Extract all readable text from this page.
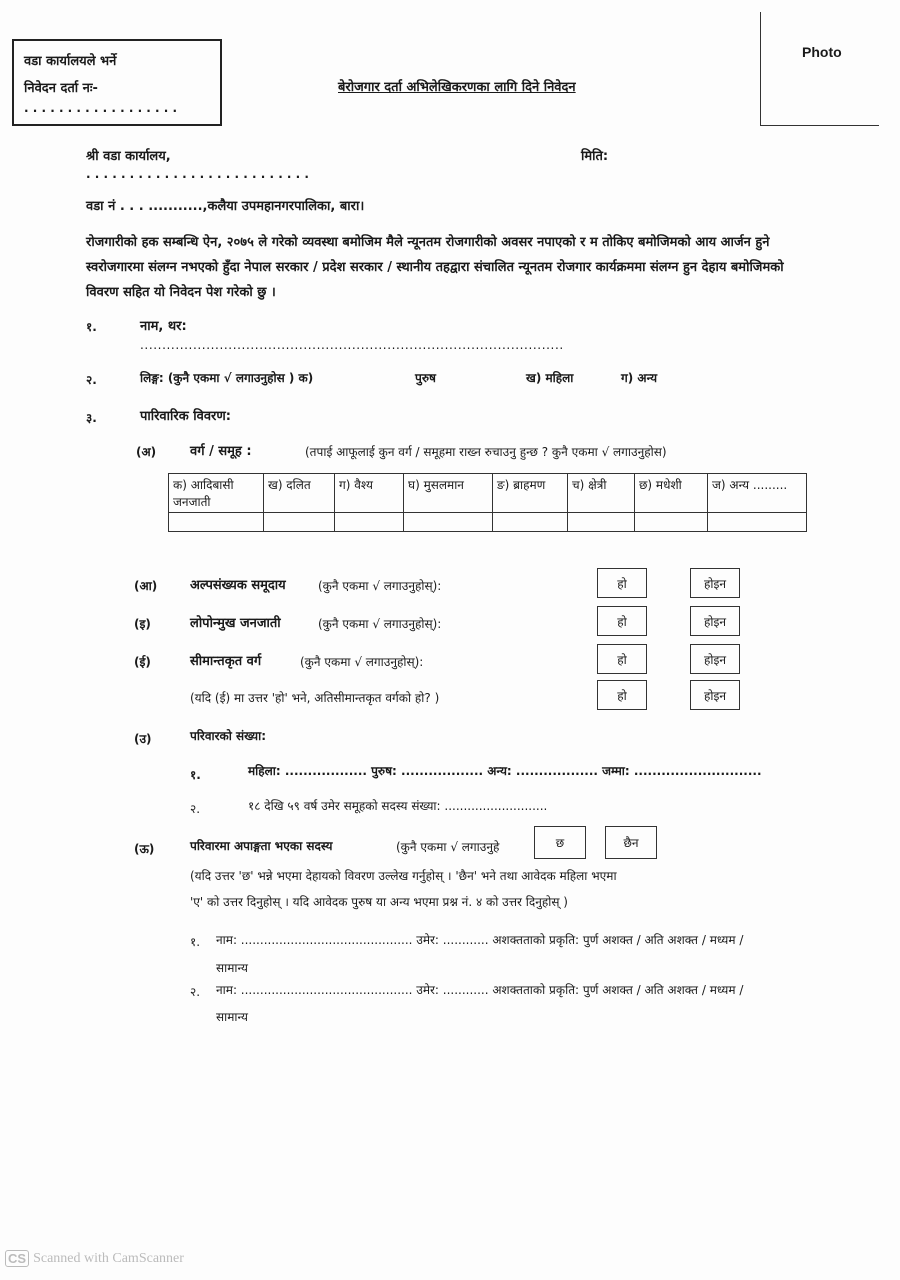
वडा कार्यालयले भर्ने
निवेदन दर्ता नः-
. . . . . . . . . . . . . . . . . .
बेरोजगार दर्ता अभिलेखिकरणका लागि दिने निवेदन
Photo
श्री वडा कार्यालय,	मिति:
. . . . . . . . . . . . . . . . . . . . . . . . . .
वडा नं . . . ...........,कलैया उपमहानगरपालिका, बारा।
रोजगारीको हक सम्बन्धि ऐन, २०७५ ले गरेको व्यवस्था बमोजिम मैले न्यूनतम रोजगारीको अवसर नपाएको र म तोकिए बमोजिमको आय आर्जन हुने स्वरोजगारमा संलग्न नभएको हुँदा नेपाल सरकार / प्रदेश सरकार / स्थानीय तहद्वारा संचालित न्यूनतम रोजगार कार्यक्रममा संलग्न हुन देहाय बमोजिमको विवरण सहित यो निवेदन पेश गरेको छु ।
१.	नाम, थर:
................................................................................................
२.	लिङ्ग: (कुनै एकमा √ लगाउनुहोस ) क)	पुरुष	ख) महिला	ग) अन्य
३.	पारिवारिक विवरण:
(अ)	वर्ग / समूह :	(तपाई आफूलाई कुन वर्ग / समूहमा राख्न रुचाउनु हुन्छ ? कुनै एकमा √ लगाउनुहोस)
क) आदिबासी जनजाती	ख) दलित	ग) वैश्य	घ) मुसलमान	ङ) ब्राहमण	च) क्षेत्री	छ) मधेशी	ज) अन्य .........

(आ)	अल्पसंख्यक समूदाय	(कुनै एकमा √ लगाउनुहोस्):	हो	होइन
(इ)	लोपोन्मुख जनजाती	(कुनै एकमा √ लगाउनुहोस्):	हो	होइन
(ई)	सीमान्तकृत वर्ग	(कुनै एकमा √ लगाउनुहोस्):	हो	होइन
(यदि (ई) मा उत्तर 'हो' भने, अतिसीमान्तकृत वर्गको हो? )	हो	होइन
(उ)	परिवारको संख्या:
१.	महिला: .................. पुरुष: .................. अन्य: .................. जम्मा: ............................
२.	१८ देखि ५९ वर्ष उमेर समूहको सदस्य संख्या: ...........................
(ऊ)	परिवारमा अपाङ्गता भएका सदस्य	(कुनै एकमा √ लगाउनुहे	छ	छैन
(यदि उत्तर 'छ' भन्ने भएमा देहायको विवरण उल्लेख गर्नुहोस् । 'छैन' भने तथा आवेदक महिला भएमा
'ए' को उत्तर दिनुहोस् । यदि आवेदक पुरुष या अन्य भएमा प्रश्न नं. ४ को उत्तर दिनुहोस् )
१. नाम: ............................................. उमेर: ............ अशक्तताको प्रकृति: पुर्ण अशक्त / अति अशक्त / मध्यम /
सामान्य
२. नाम: ............................................. उमेर: ............ अशक्तताको प्रकृति: पुर्ण अशक्त / अति अशक्त / मध्यम /
सामान्य
CS Scanned with CamScanner
